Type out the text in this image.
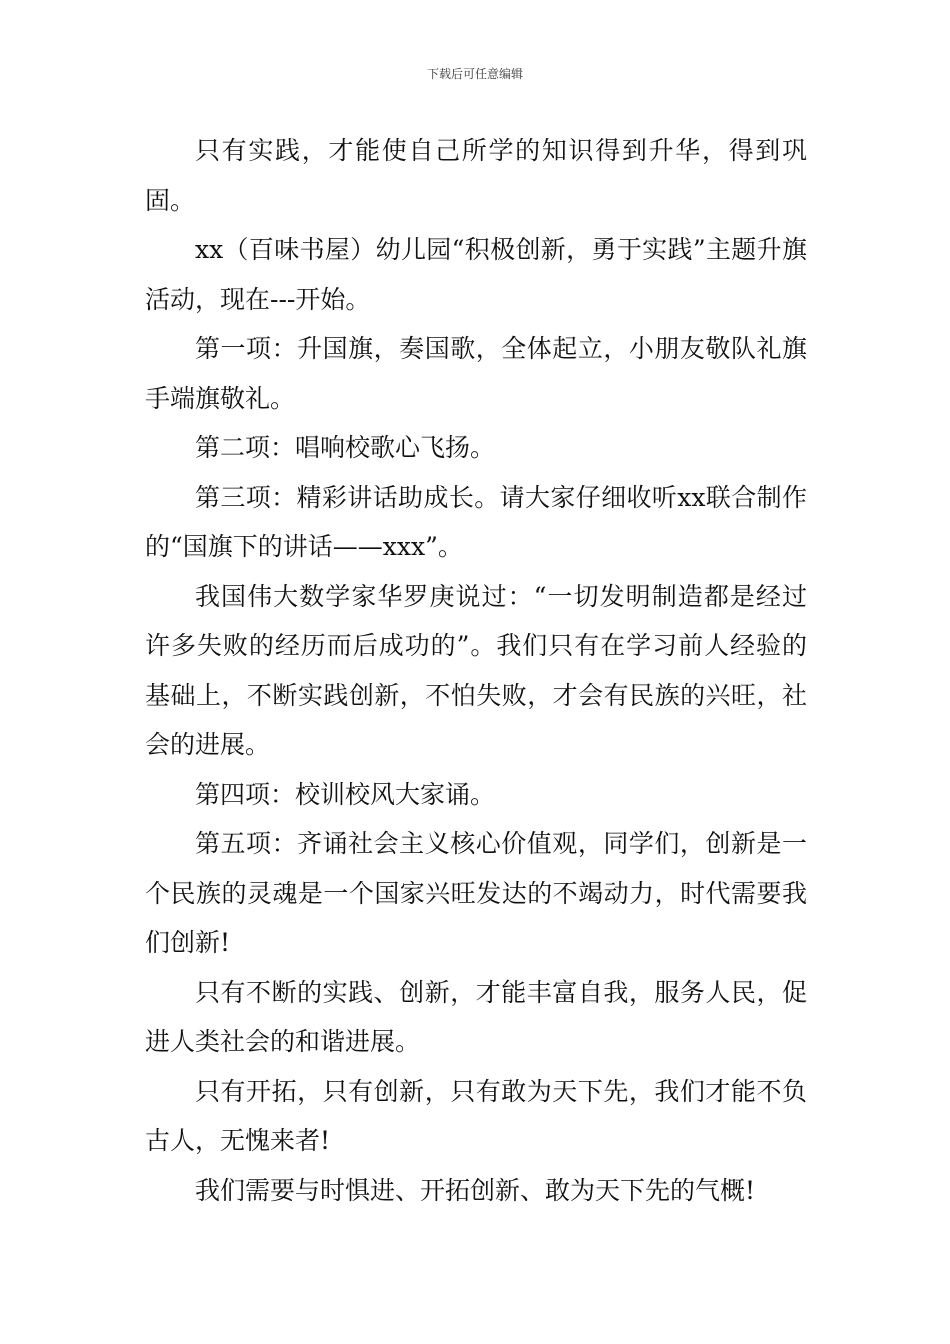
下载后可任意编辑

只有实践，才能使自己所学的知识得到升华，得到巩固。

xx（百味书屋）幼儿园“积极创新，勇于实践”主题升旗活动，现在---开始。

第一项：升国旗，奏国歌，全体起立，小朋友敬队礼旗手端旗敬礼。

第二项：唱响校歌心飞扬。

第三项：精彩讲话助成长。请大家仔细收听xx联合制作的“国旗下的讲话——xxx”。

我国伟大数学家华罗庚说过：“一切发明制造都是经过许多失败的经历而后成功的”。我们只有在学习前人经验的基础上，不断实践创新，不怕失败，才会有民族的兴旺，社会的进展。

第四项：校训校风大家诵。

第五项：齐诵社会主义核心价值观，同学们，创新是一个民族的灵魂是一个国家兴旺发达的不竭动力，时代需要我们创新!

只有不断的实践、创新，才能丰富自我，服务人民，促进人类社会的和谐进展。

只有开拓，只有创新，只有敢为天下先，我们才能不负古人，无愧来者!

我们需要与时惧进、开拓创新、敢为天下先的气概!
